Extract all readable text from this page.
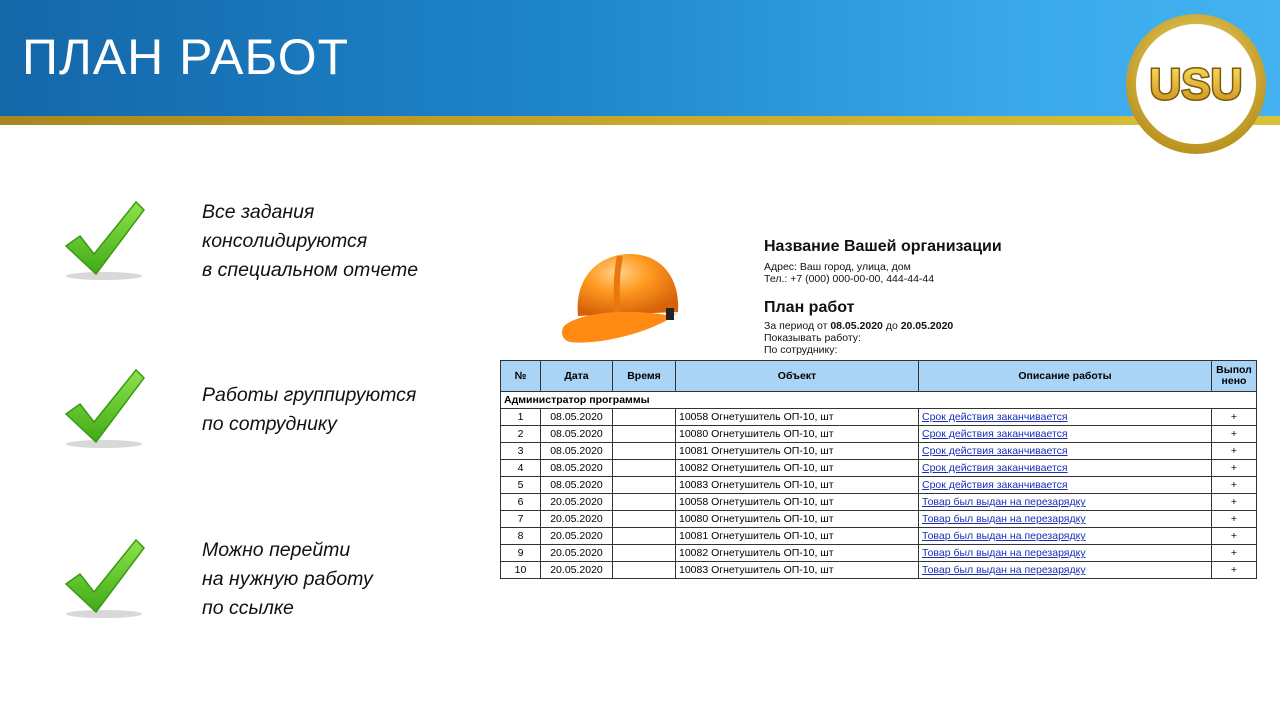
ПЛАН РАБОТ	USU
Все задания
консолидируются
в специальном отчете
Работы группируются
по сотруднику
Можно перейти
на нужную работу
по ссылке
Название Вашей организации
Адрес: Ваш город, улица, дом
Тел.: +7 (000) 000-00-00, 444-44-44
План работ
За период от 08.05.2020 до 20.05.2020
Показывать работу:
По сотруднику:
№	Дата	Время	Объект	Описание работы	Выпол нено
Администратор программы					
1	08.05.2020		10058 Огнетушитель ОП-10, шт	Срок действия заканчивается	+
2	08.05.2020		10080 Огнетушитель ОП-10, шт	Срок действия заканчивается	+
3	08.05.2020		10081 Огнетушитель ОП-10, шт	Срок действия заканчивается	+
4	08.05.2020		10082 Огнетушитель ОП-10, шт	Срок действия заканчивается	+
5	08.05.2020		10083 Огнетушитель ОП-10, шт	Срок действия заканчивается	+
6	20.05.2020		10058 Огнетушитель ОП-10, шт	Товар был выдан на перезарядку	+
7	20.05.2020		10080 Огнетушитель ОП-10, шт	Товар был выдан на перезарядку	+
8	20.05.2020		10081 Огнетушитель ОП-10, шт	Товар был выдан на перезарядку	+
9	20.05.2020		10082 Огнетушитель ОП-10, шт	Товар был выдан на перезарядку	+
10	20.05.2020		10083 Огнетушитель ОП-10, шт	Товар был выдан на перезарядку	+
